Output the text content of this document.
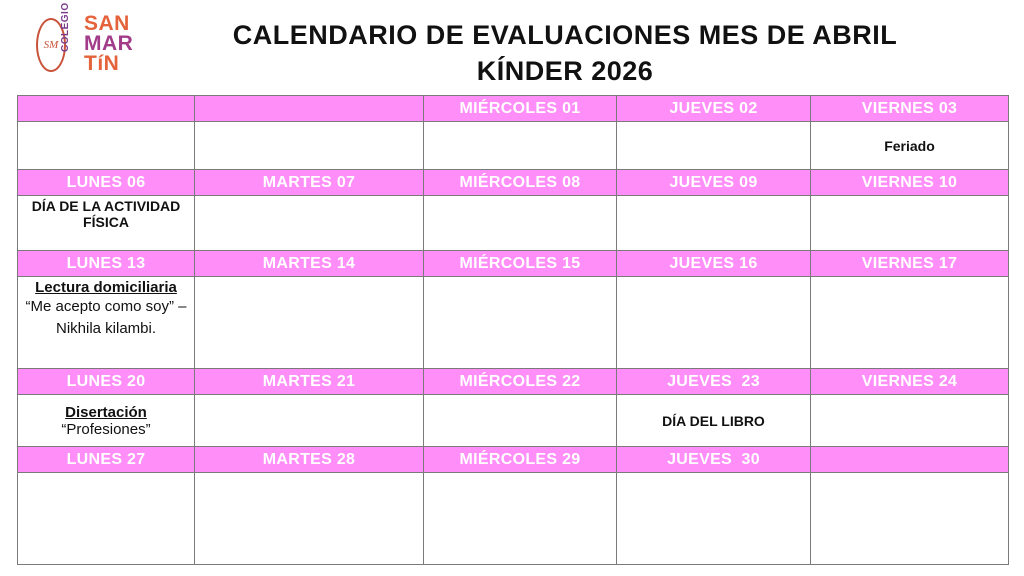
SM COLEGIO SAN
MAR
TíN
CALENDARIO DE EVALUACIONES MES DE ABRIL
KÍNDER 2026
		MIÉRCOLES 01	JUEVES 02	VIERNES 03
				Feriado
LUNES 06	MARTES 07	MIÉRCOLES 08	JUEVES 09	VIERNES 10
DÍA DE LA ACTIVIDAD FÍSICA				
LUNES 13	MARTES 14	MIÉRCOLES 15	JUEVES 16	VIERNES 17

Lectura domiciliaria
“Me acepto como soy” – Nikhila kilambi.				

LUNES 20	MARTES 21	MIÉRCOLES 22	JUEVES  23	VIERNES 24

Disertación
“Profesiones”			DÍA DEL LIBRO	
LUNES 27	MARTES 28	MIÉRCOLES 29	JUEVES  30	
